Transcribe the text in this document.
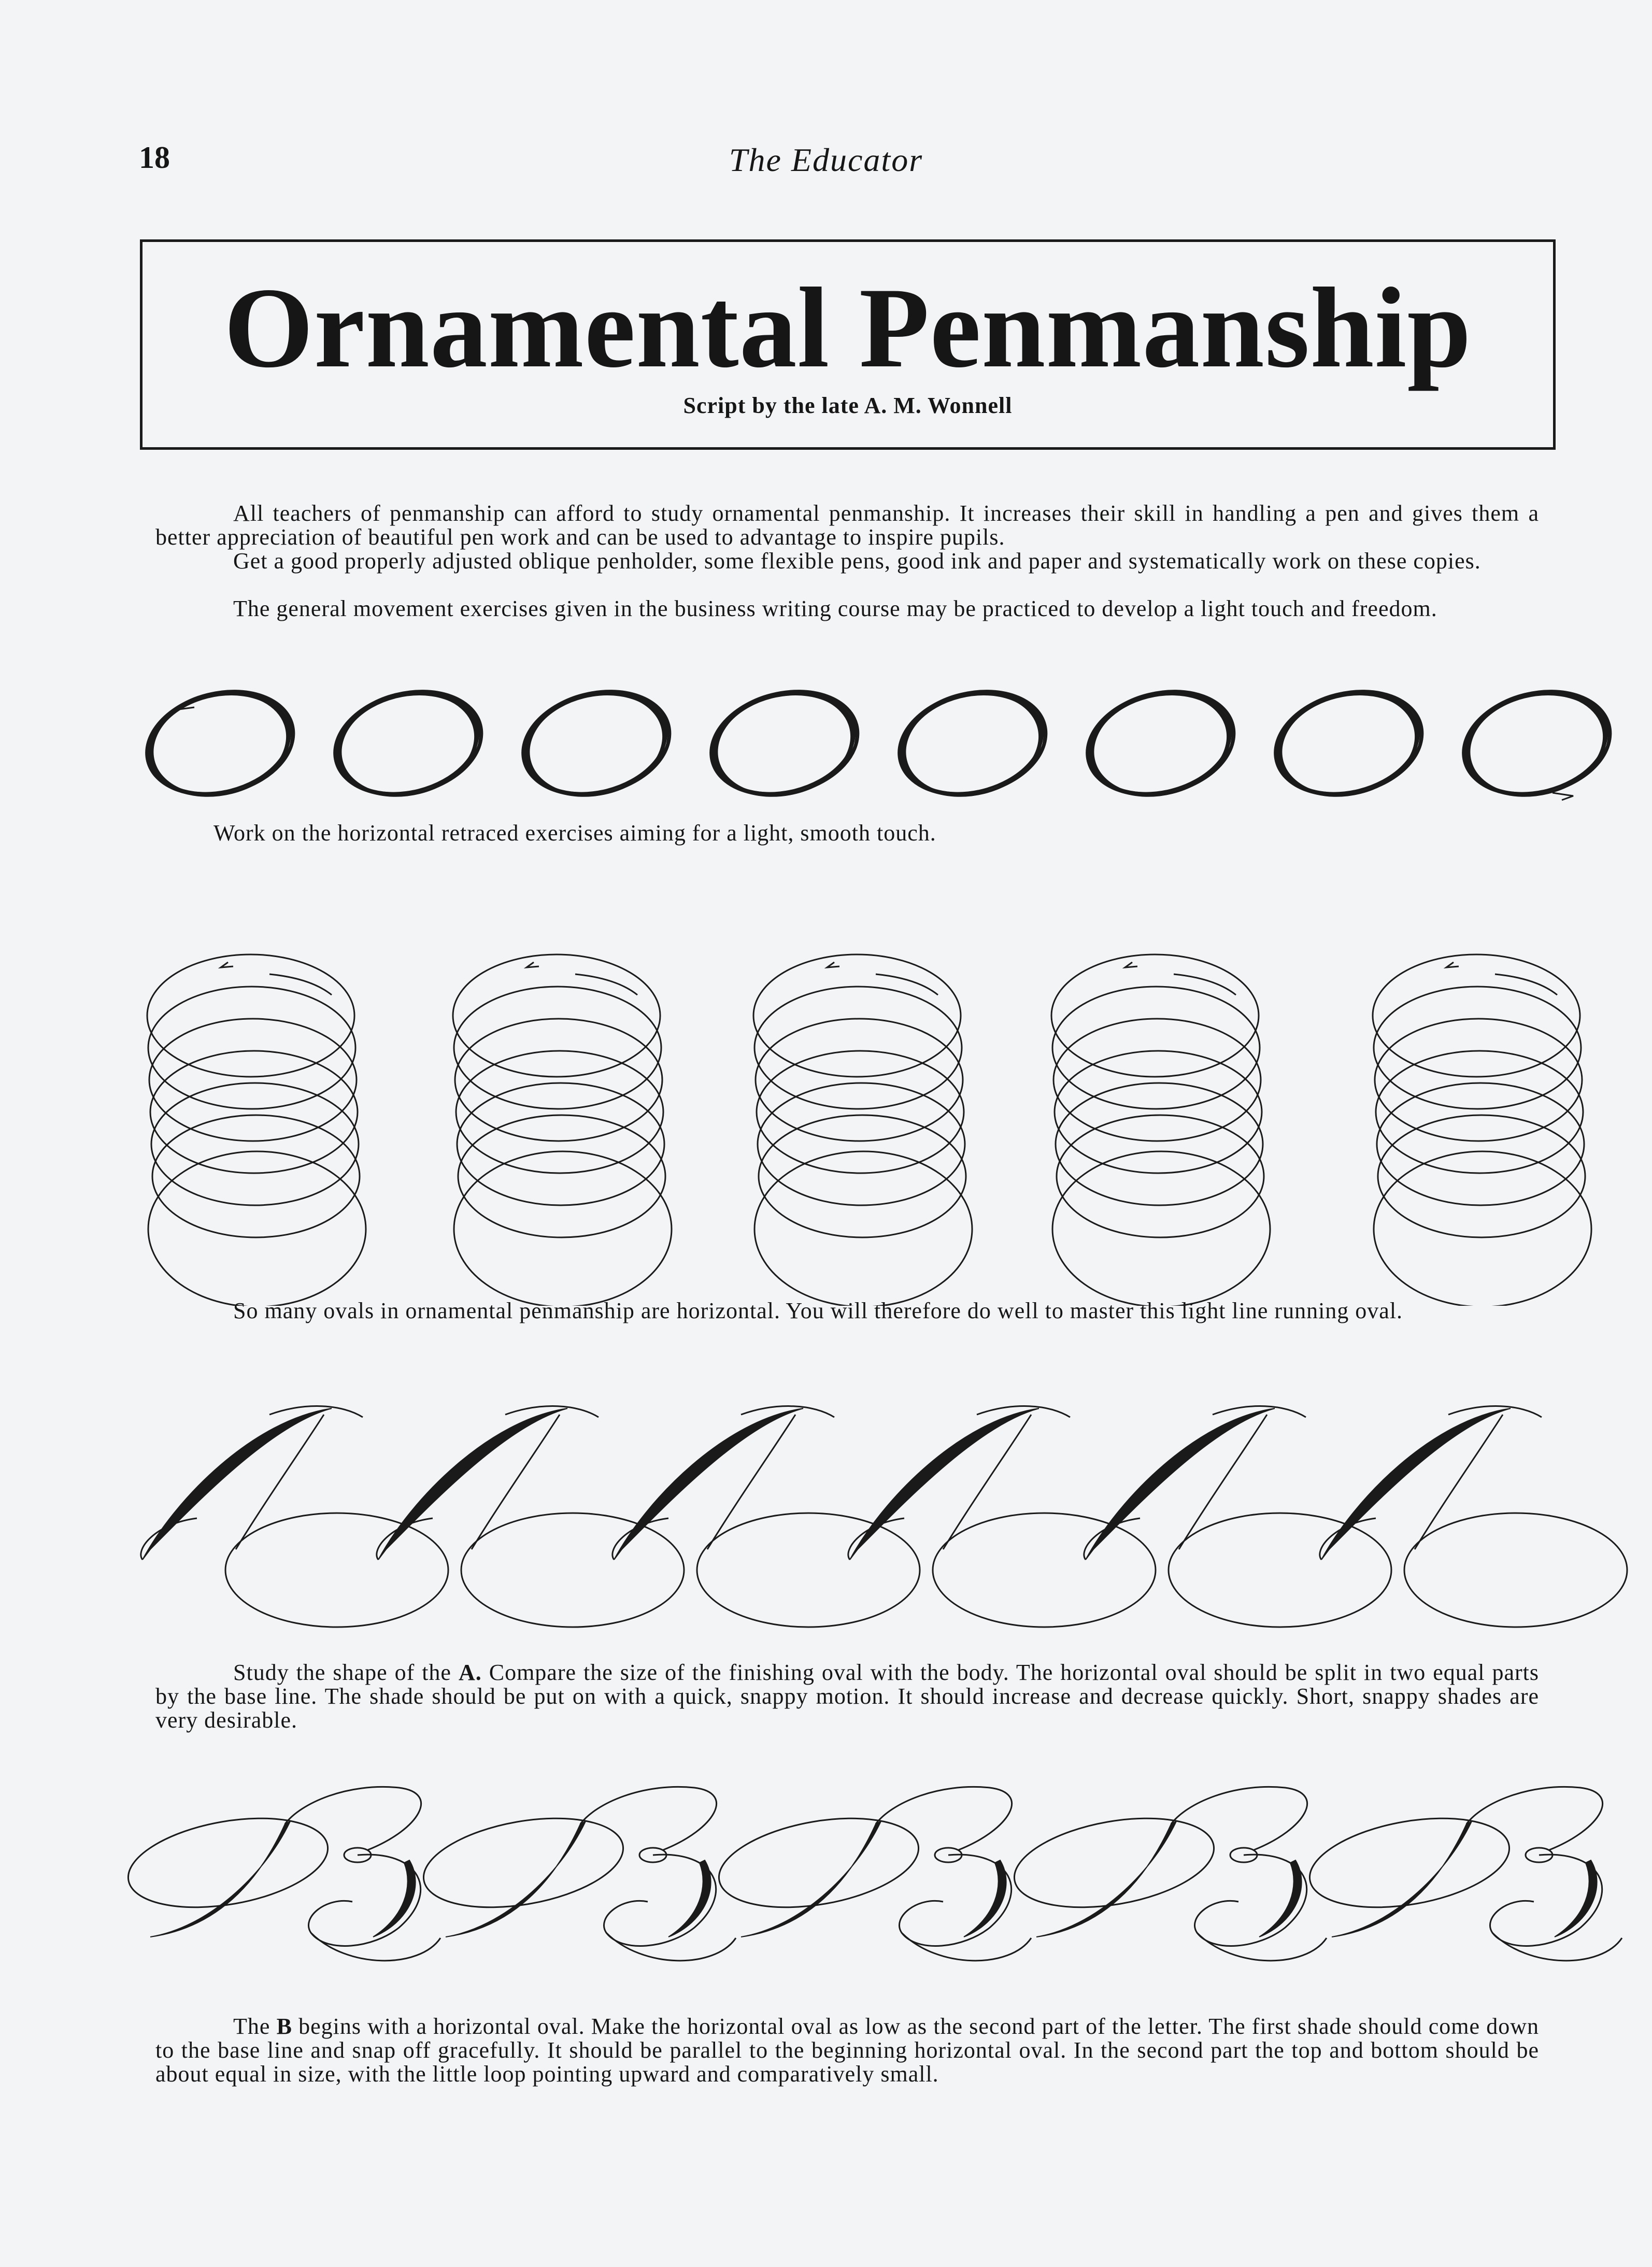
18	The Educator
Ornamental Penmanship
Script by the late A. M. Wonnell

All teachers of penmanship can afford to study ornamental penmanship. It increases their skill in handling a pen and gives them a better appreciation of beautiful pen work and can be used to advantage to inspire pupils.

Get a good properly adjusted oblique penholder, some flexible pens, good ink and paper and systematically work on these copies.

The general movement exercises given in the business writing course may be practiced to develop a light touch and freedom.

Work on the horizontal retraced exercises aiming for a light, smooth touch.
So many ovals in ornamental penmanship are horizontal. You will therefore do well to master this light line running oval.
Study the shape of the A. Compare the size of the finishing oval with the body. The horizontal oval should be split in two equal parts by the base line. The shade should be put on with a quick, snappy motion. It should increase and decrease quickly. Short, snappy shades are very desirable.
The B begins with a horizontal oval. Make the horizontal oval as low as the second part of the letter. The first shade should come down to the base line and snap off gracefully. It should be parallel to the beginning horizontal oval. In the second part the top and bottom should be about equal in size, with the little loop pointing upward and comparatively small.
